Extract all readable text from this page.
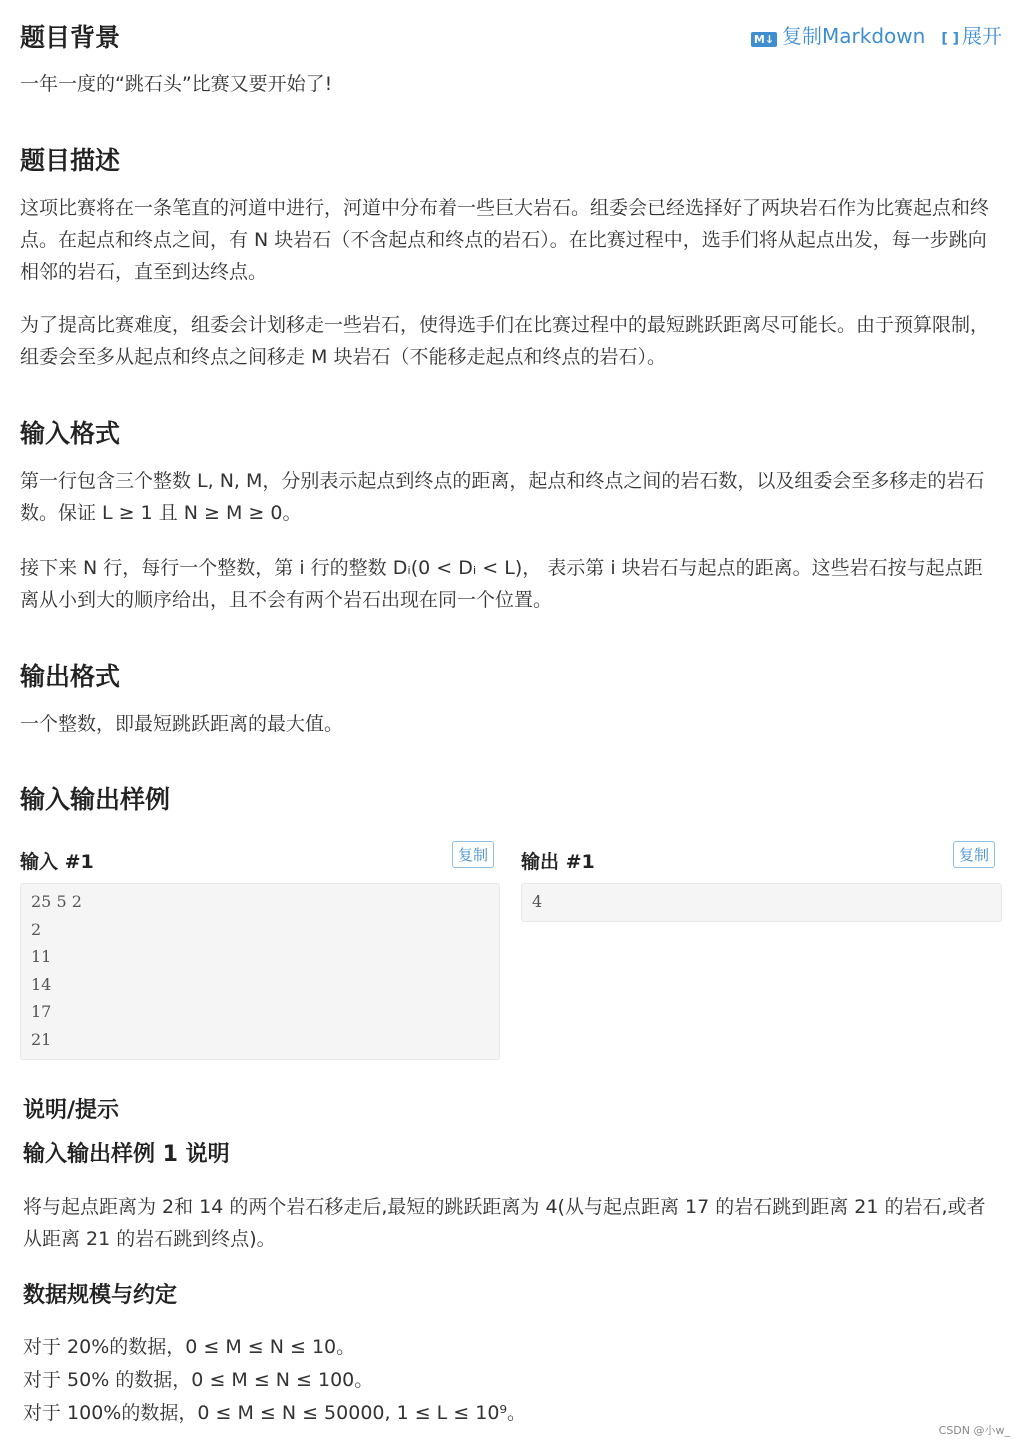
M↓ 复制Markdown [ ] 展开
题目背景

一年一度的“跳石头”比赛又要开始了!

题目描述

这项比赛将在一条笔直的河道中进行，河道中分布着一些巨大岩石。组委会已经选择好了两块岩石作为比赛起点和终点。在起点和终点之间，有 N 块岩石（不含起点和终点的岩石）。在比赛过程中，选手们将从起点出发，每一步跳向相邻的岩石，直至到达终点。

为了提高比赛难度，组委会计划移走一些岩石，使得选手们在比赛过程中的最短跳跃距离尽可能长。由于预算限制，组委会至多从起点和终点之间移走 M 块岩石（不能移走起点和终点的岩石）。

输入格式

第一行包含三个整数 L, N, M，分别表示起点到终点的距离，起点和终点之间的岩石数，以及组委会至多移走的岩石数。保证 L ≥ 1 且 N ≥ M ≥ 0。

接下来 N 行，每行一个整数，第 i 行的整数 Dᵢ(0 < Dᵢ < L)， 表示第 i 块岩石与起点的距离。这些岩石按与起点距离从小到大的顺序给出，且不会有两个岩石出现在同一个位置。

输出格式

一个整数，即最短跳跃距离的最大值。

输入输出样例
输入 #1	复制
25 5 2
2
11
14
17
21
输出 #1	复制
4
说明/提示
输入输出样例 1 说明

将与起点距离为 2和 14 的两个岩石移走后,最短的跳跃距离为 4(从与起点距离 17 的岩石跳到距离 21 的岩石,或者从距离 21 的岩石跳到终点)。

数据规模与约定

对于 20%的数据，0 ≤ M ≤ N ≤ 10。

对于 50% 的数据，0 ≤ M ≤ N ≤ 100。

对于 100%的数据，0 ≤ M ≤ N ≤ 50000, 1 ≤ L ≤ 10⁹。

CSDN @小w_
